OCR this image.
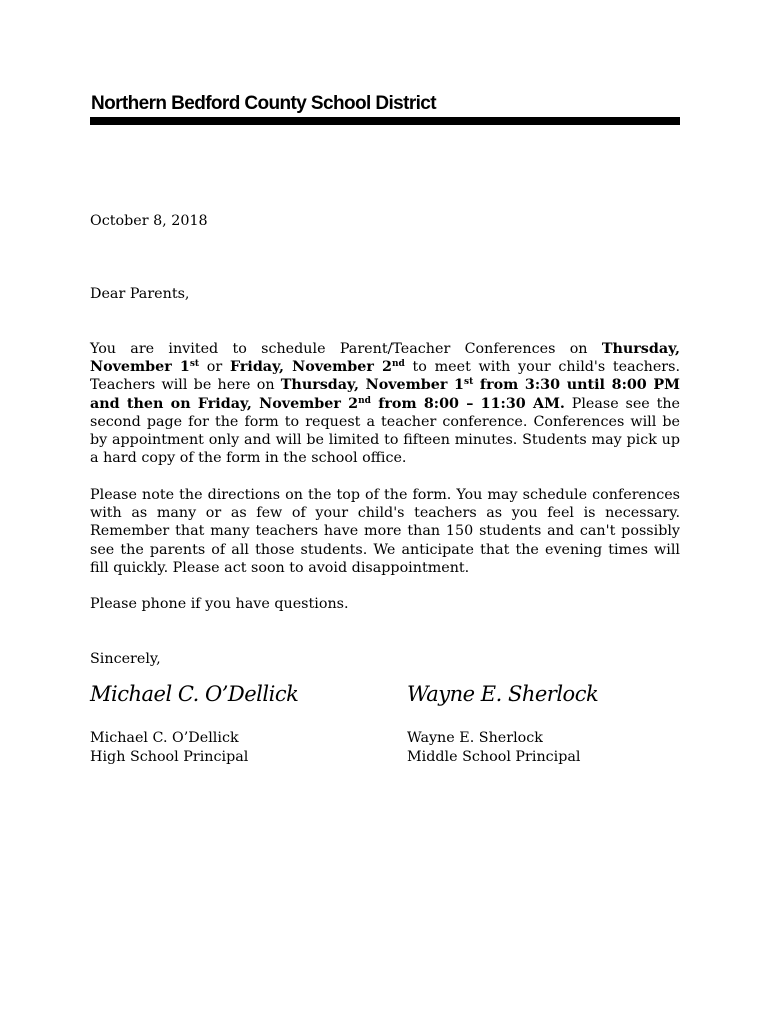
Northern Bedford County School District
October 8, 2018
Dear Parents,
You are invited to schedule Parent/Teacher Conferences on Thursday, November 1st or Friday, November 2nd to meet with your child's teachers. Teachers will be here on Thursday, November 1st from 3:30 until 8:00 PM and then on Friday, November 2nd from 8:00 – 11:30 AM. Please see the second page for the form to request a teacher conference. Conferences will be by appointment only and will be limited to fifteen minutes. Students may pick up a hard copy of the form in the school office.
Please note the directions on the top of the form. You may schedule conferences with as many or as few of your child's teachers as you feel is necessary. Remember that many teachers have more than 150 students and can't possibly see the parents of all those students. We anticipate that the evening times will fill quickly. Please act soon to avoid disappointment.
Please phone if you have questions.
Sincerely,
Michael C. O’Dellick	Wayne E. Sherlock
Michael C. O’Dellick
High School Principal
Wayne E. Sherlock
Middle School Principal
